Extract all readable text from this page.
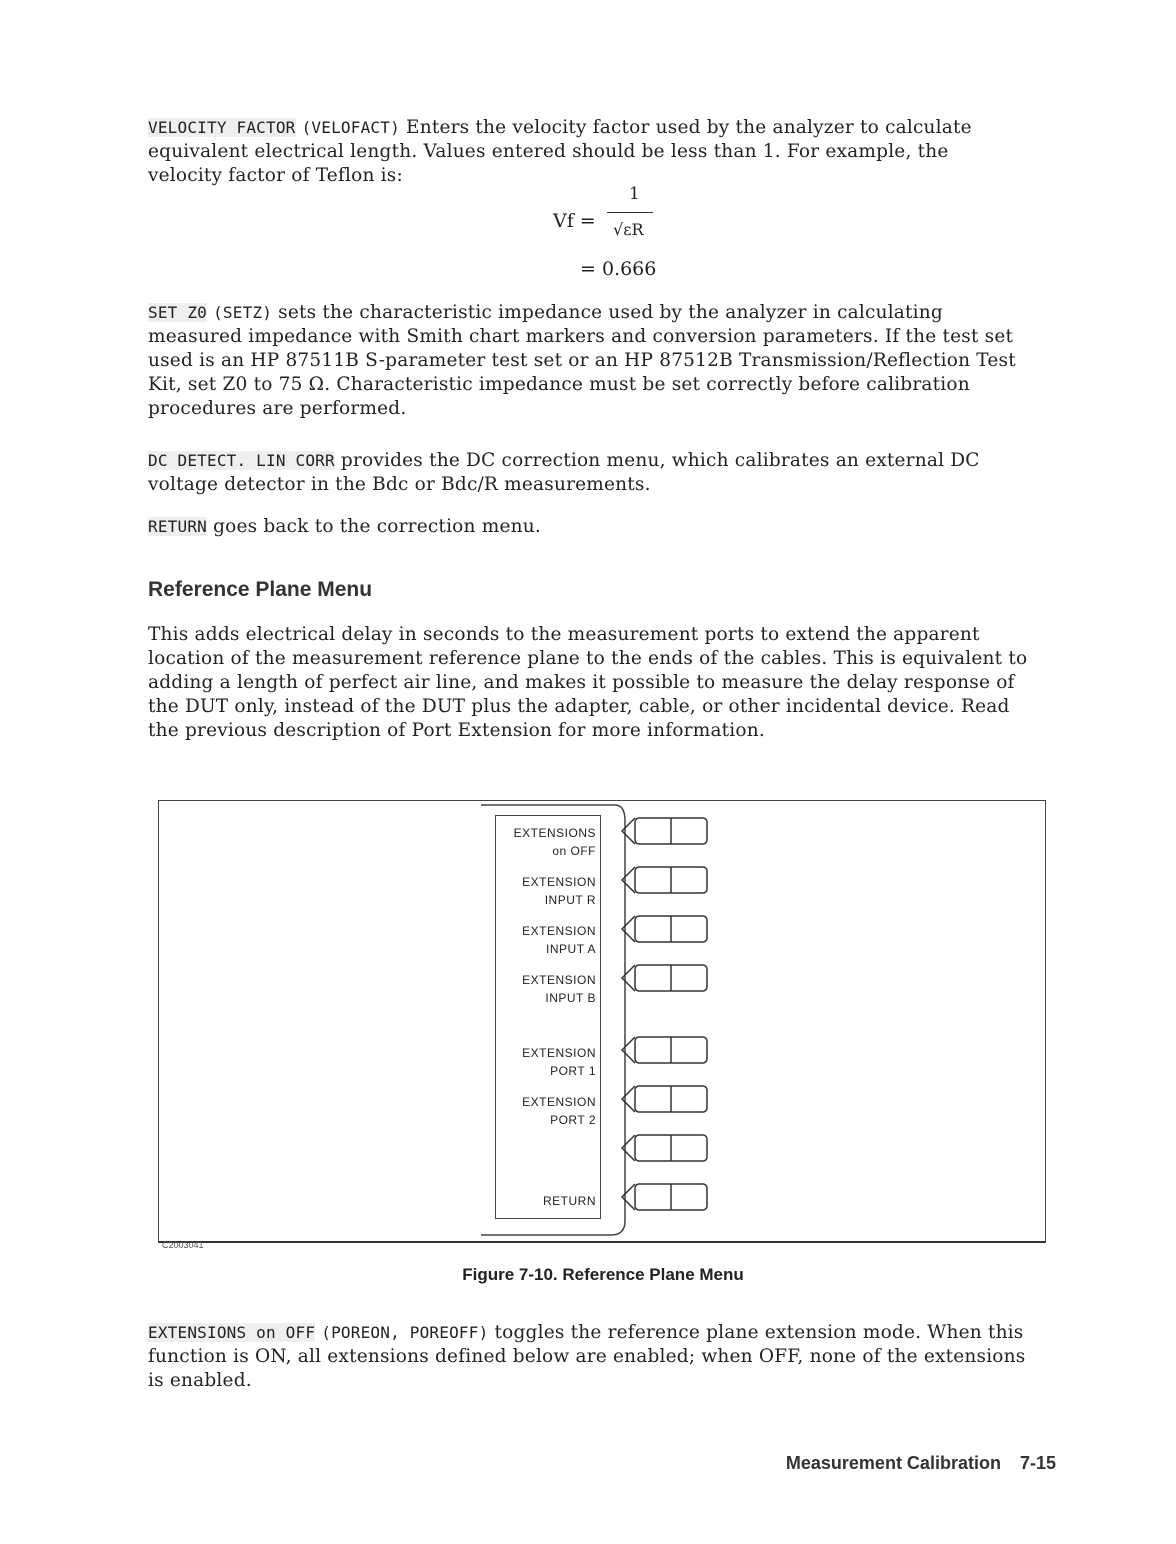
VELOCITY FACTOR (VELOFACT) Enters the velocity factor used by the analyzer to calculate equivalent electrical length. Values entered should be less than 1. For example, the velocity factor of Teflon is:
Vf =
1
√εR
= 0.666
SET Z0 (SETZ) sets the characteristic impedance used by the analyzer in calculating measured impedance with Smith chart markers and conversion parameters. If the test set used is an HP 87511B S-parameter test set or an HP 87512B Transmission/Reflection Test Kit, set Z0 to 75 Ω. Characteristic impedance must be set correctly before calibration procedures are performed.
DC DETECT. LIN CORR provides the DC correction menu, which calibrates an external DC voltage detector in the Bdc or Bdc/R measurements.
RETURN goes back to the correction menu.
Reference Plane Menu
This adds electrical delay in seconds to the measurement ports to extend the apparent location of the measurement reference plane to the ends of the cables. This is equivalent to adding a length of perfect air line, and makes it possible to measure the delay response of the DUT only, instead of the DUT plus the adapter, cable, or other incidental device. Read the previous description of Port Extension for more information.
EXTENSIONS
on OFF
EXTENSION
INPUT R
EXTENSION
INPUT A
EXTENSION
INPUT B
EXTENSION
PORT 1
EXTENSION
PORT 2
RETURN
C2003041
Figure 7-10. Reference Plane Menu
EXTENSIONS on OFF (POREON, POREOFF) toggles the reference plane extension mode. When this function is ON, all extensions defined below are enabled; when OFF, none of the extensions is enabled.
Measurement Calibration 7-15
